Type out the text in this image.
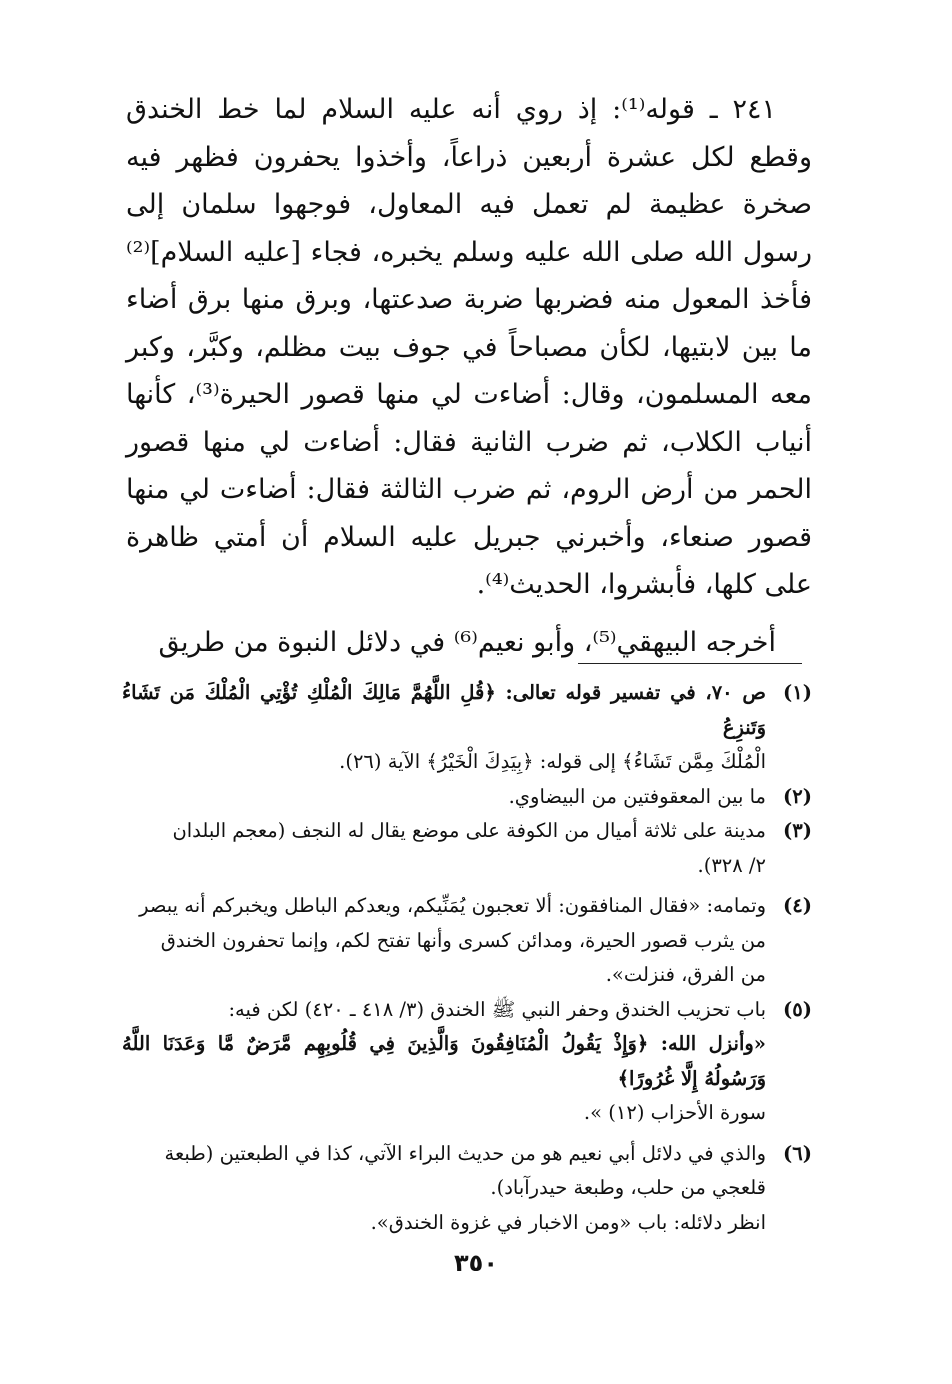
٢٤١ ـ قوله⁽¹⁾: إذ روي أنه عليه السلام لما خط الخندق وقطع لكل عشرة أربعين ذراعاً، وأخذوا يحفرون فظهر فيه صخرة عظيمة لم تعمل فيه المعاول، فوجهوا سلمان إلى رسول الله صلى الله عليه وسلم يخبره، فجاء [عليه السلام]⁽²⁾ فأخذ المعول منه فضربها ضربة صدعتها، وبرق منها برق أضاء ما بين لابتيها، لكأن مصباحاً في جوف بيت مظلم، وكبَّر، وكبر معه المسلمون، وقال: أضاءت لي منها قصور الحيرة⁽³⁾، كأنها أنياب الكلاب، ثم ضرب الثانية فقال: أضاءت لي منها قصور الحمر من أرض الروم، ثم ضرب الثالثة فقال: أضاءت لي منها قصور صنعاء، وأخبرني جبريل عليه السلام أن أمتي ظاهرة على كلها، فأبشروا، الحديث⁽⁴⁾.

أخرجه البيهقي⁽⁵⁾، وأبو نعيم⁽⁶⁾ في دلائل النبوة من طريق

(١)
ص ٧٠، في تفسير قوله تعالى: ﴿قُلِ اللَّهُمَّ مَالِكَ الْمُلْكِ تُؤْتِي الْمُلْكَ مَن تَشَاءُ وَتَنزِعُ
الْمُلْكَ مِمَّن تَشَاءُ﴾ إلى قوله: ﴿بِيَدِكَ الْخَيْرُ﴾ الآية (٢٦).
(٢)
ما بين المعقوفتين من البيضاوي.
(٣)
مدينة على ثلاثة أميال من الكوفة على موضع يقال له النجف (معجم البلدان
٢/ ٣٢٨).
(٤)
وتمامه: «فقال المنافقون: ألا تعجبون يُمَنِّيكم، ويعدكم الباطل ويخبركم أنه يبصر
من يثرب قصور الحيرة، ومدائن كسرى وأنها تفتح لكم، وإنما تحفرون الخندق
من الفرق، فنزلت».
(٥)
باب تحزيب الخندق وحفر النبي ﷺ الخندق (٣/ ٤١٨ ـ ٤٢٠) لكن فيه:
«وأنزل الله: ﴿وَإِذْ يَقُولُ الْمُنَافِقُونَ وَالَّذِينَ فِي قُلُوبِهِم مَّرَضٌ مَّا وَعَدَنَا اللَّهُ وَرَسُولُهُ إِلَّا غُرُورًا﴾
سورة الأحزاب (١٢) ».
(٦)
والذي في دلائل أبي نعيم هو من حديث البراء الآتي، كذا في الطبعتين (طبعة
قلعجي من حلب، وطبعة حيدرآباد).
انظر دلائله: باب «ومن الاخبار في غزوة الخندق».
٣٥٠
